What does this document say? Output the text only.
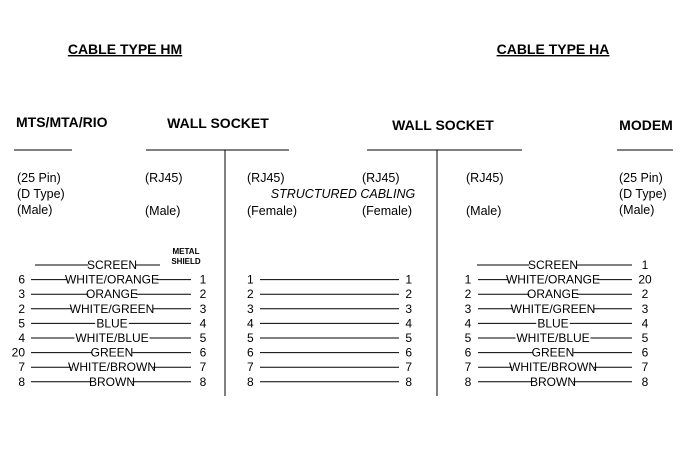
CABLE TYPE HM	CABLE TYPE HA
MTS/MTA/RIO	WALL SOCKET	WALL SOCKET	MODEM
(25 Pin)
(D Type)
(Male)
(RJ45)
(Male)
(RJ45)
(Female)
STRUCTURED CABLING
(RJ45)
(Female)
(RJ45)
(Male)
(25 Pin)
(D Type)
(Male)
METAL
SHIELD
SCREEN
6	WHITE/ORANGE	1
3	ORANGE	2
2	WHITE/GREEN	3
5	BLUE	4
4	WHITE/BLUE	5
20	GREEN	6
7	WHITE/BROWN	7
8	BROWN	8
1	1
2	2
3	3
4	4
5	5
6	6
7	7
8	8
SCREEN	1
1	WHITE/ORANGE	20
2	ORANGE	2
3	WHITE/GREEN	3
4	BLUE	4
5	WHITE/BLUE	5
6	GREEN	6
7	WHITE/BROWN	7
8	BROWN	8
